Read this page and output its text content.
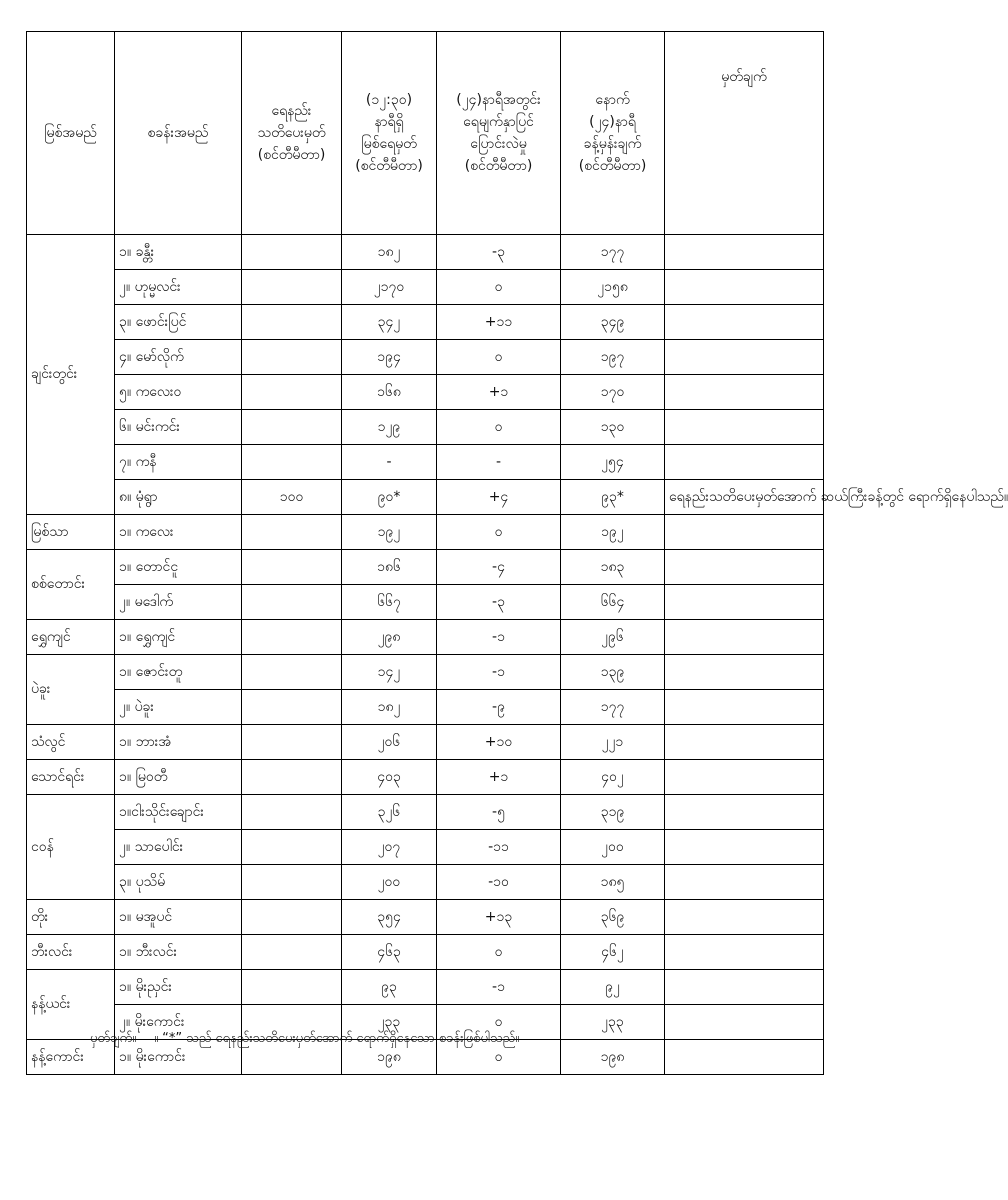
မြစ်အမည်	စခန်းအမည်	ရေနည်း
သတိပေးမှတ်
(စင်တီမီတာ)	(၁၂:၃၀)
နာရီရှိ
မြစ်ရေမှတ်
(စင်တီမီတာ)	(၂၄)နာရီအတွင်း
ရေမျက်နှာပြင်
ပြောင်းလဲမှု
(စင်တီမီတာ)	နောက်
(၂၄)နာရီ
ခန့်မှန်းချက်
(စင်တီမီတာ)	မှတ်ချက်

ချင်းတွင်း	၁။ ခန္တီး		၁၈၂	-၃	၁၇၇	
	၂။ ဟုမ္မလင်း		၂၁၇၀	၀	၂၁၅၈	
	၃။ ဖောင်းပြင်		၃၄၂	+၁၁	၃၄၉	
	၄။ မော်လိုက်		၁၉၄	၀	၁၉၇	
	၅။ ကလေးဝ		၁၆၈	+၁	၁၇၀	
	၆။ မင်းကင်း		၁၂၉	၀	၁၃၀	
	၇။ ကနီ		-	-	၂၅၄	
	၈။ မုံရွာ	၁၀၀	၉၀*	+၄	၉၃*	ရေနည်းသတိပေးမှတ်အောက် ဆယ်ကြီးခန့်တွင် ရောက်ရှိနေပါသည်။
မြစ်သာ	၁။ ကလေး		၁၉၂	၀	၁၉၂	
စစ်တောင်း	၁။ တောင်ငူ		၁၈၆	-၄	၁၈၃	
	၂။ မဒေါက်		၆၆၇	-၃	၆၆၄	
ရွှေကျင်	၁။ ရွှေကျင်		၂၉၈	-၁	၂၉၆	
ပဲခူး	၁။ ဇောင်းတူ		၁၄၂	-၁	၁၃၉	
	၂။ ပဲခူး		၁၈၂	-၉	၁၇၇	
သံလွင်	၁။ ဘားအံ		၂၀၆	+၁၀	၂၂၁	
သောင်ရင်း	၁။ မြဝတီ		၄၀၃	+၁	၄၀၂	
ငဝန်	၁။ငါးသိုင်းချောင်း		၃၂၆	-၅	၃၁၉	
	၂။ သာပေါင်း		၂၀၇	-၁၁	၂၀၀	
	၃။ ပုသိမ်		၂၀၀	-၁၀	၁၈၅	
တိုး	၁။ မအူပင်		၃၅၄	+၁၃	၃၆၉	
ဘီးလင်း	၁။ ဘီးလင်း		၄၆၃	၀	၄၆၂	
နန့်ယင်း	၁။ မိုးညှင်း		၉၃	-၁	၉၂	
	၂။ မိုးကောင်း		၂၃၃	၀	၂၃၃	
နန့်ကောင်း	၁။ မိုးကောင်း		၁၉၈	၀	၁၉၈	
မှတ်ချက်။ ။ “*” သည် ရေနည်းသတိပေးမှတ်အောက် ရောက်ရှိနေသော စခန်းဖြစ်ပါသည်။
